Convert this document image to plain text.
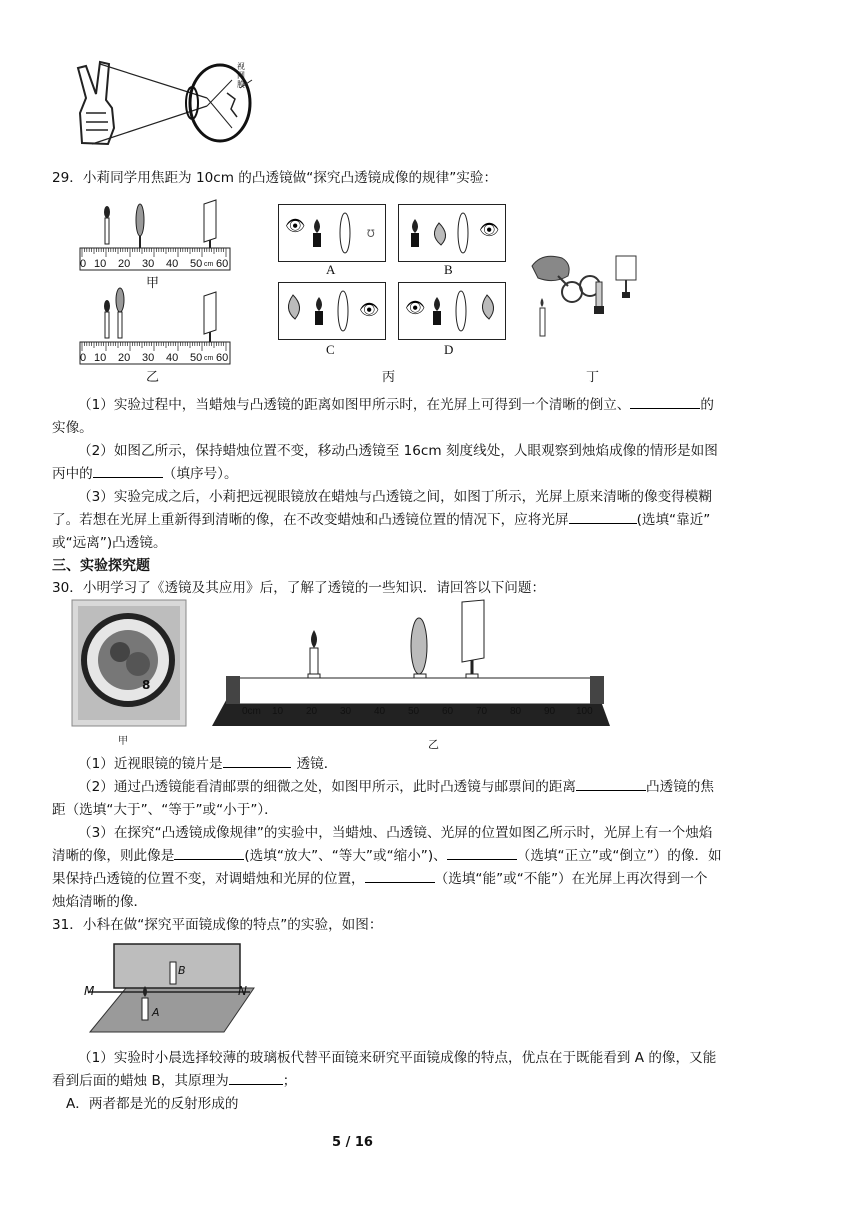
视网膜
29．小莉同学用焦距为 10cm 的凸透镜做“探究凸透镜成像的规律”实验：
0 10 20 30 40 50 cm 60
甲
0 10 20 30 40 50 cm 60
乙
👁	℧
A
👁
B
👁
C
👁
D
丙	丁
（1）实验过程中，当蜡烛与凸透镜的距离如图甲所示时，在光屏上可得到一个清晰的倒立、	的
实像。
（2）如图乙所示，保持蜡烛位置不变，移动凸透镜至 16cm 刻度线处，人眼观察到烛焰成像的情形是如图
丙中的	（填序号）。
（3）实验完成之后，小莉把远视眼镜放在蜡烛与凸透镜之间，如图丁所示，光屏上原来清晰的像变得模糊
了。若想在光屏上重新得到清晰的像，在不改变蜡烛和凸透镜位置的情况下，应将光屏	(选填“靠近”
或“远离”)凸透镜。
三、实验探究题
30．小明学习了《透镜及其应用》后，了解了透镜的一些知识．请回答以下问题：
8
甲
0cm 10 20 30 40 50 60 70 80 90 100
乙
（1）近视眼镜的镜片是	透镜．
（2）通过凸透镜能看清邮票的细微之处，如图甲所示，此时凸透镜与邮票间的距离	凸透镜的焦
距（选填“大于”、“等于”或“小于”）．
（3）在探究“凸透镜成像规律”的实验中，当蜡烛、凸透镜、光屏的位置如图乙所示时，光屏上有一个烛焰
清晰的像，则此像是	(选填“放大”、“等大”或“缩小”)、	（选填“正立”或“倒立”）的像．如
果保持凸透镜的位置不变，对调蜡烛和光屏的位置，	（选填“能”或“不能”）在光屏上再次得到一个
烛焰清晰的像．
31．小科在做“探究平面镜成像的特点”的实验，如图：
M	N
B
A
（1）实验时小晨选择较薄的玻璃板代替平面镜来研究平面镜成像的特点，优点在于既能看到 A 的像，又能
看到后面的蜡烛 B，其原理为	；
A．两者都是光的反射形成的
5 / 16
